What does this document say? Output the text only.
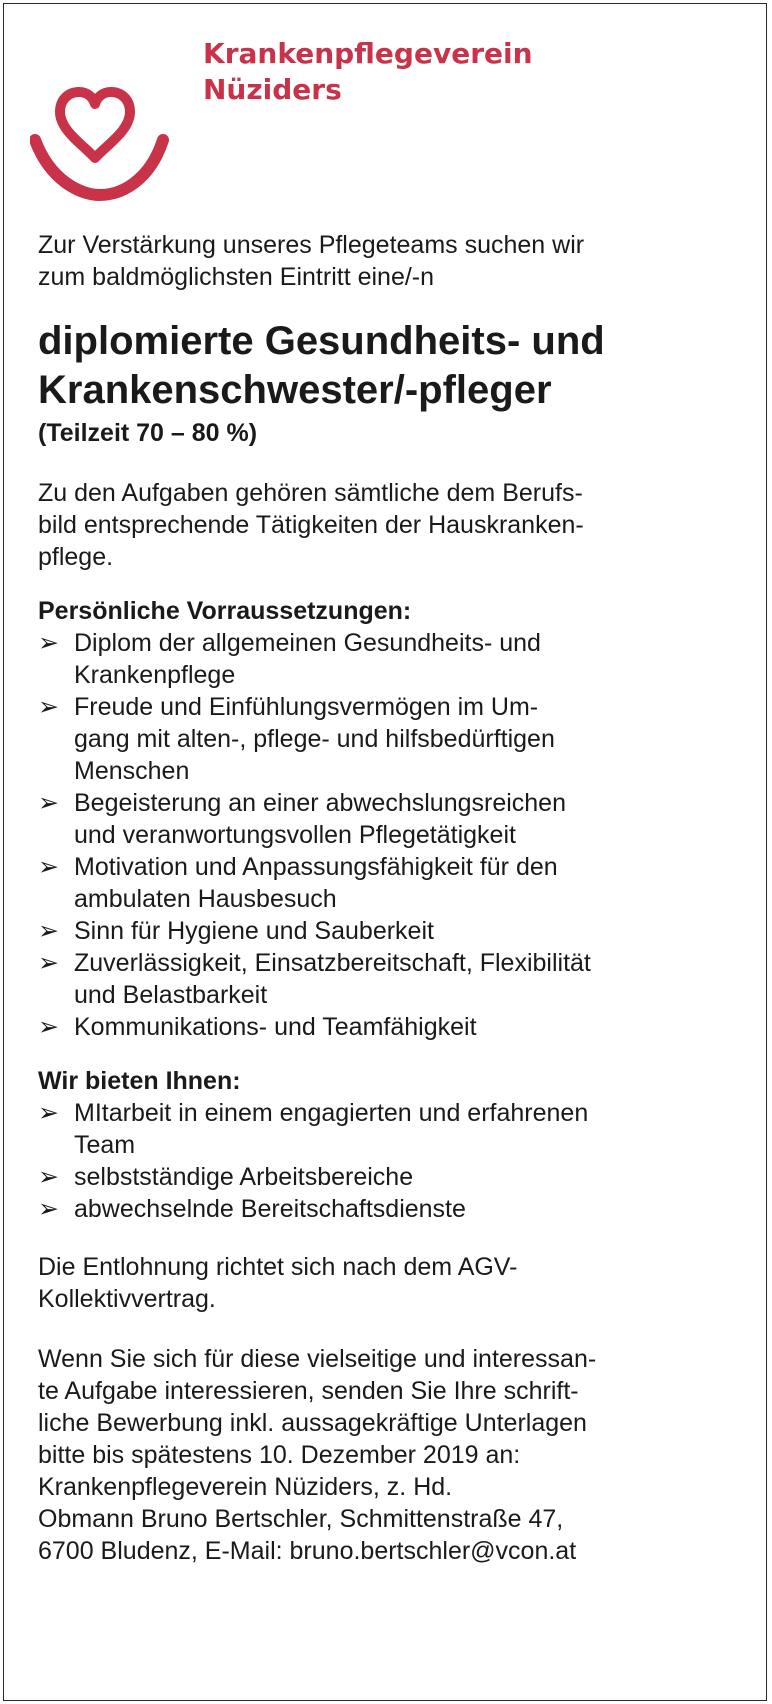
Krankenpflegeverein
Nüziders

Zur Verstärkung unseres Pflegeteams suchen wir
zum baldmöglichsten Eintritt eine/-n

diplomierte Gesundheits- und
Krankenschwester/-pfleger

(Teilzeit 70 – 80 %)

Zu den Aufgaben gehören sämtliche dem Berufs-
bild entsprechende Tätigkeiten der Hauskranken-
pflege.

Persönliche Vorraussetzungen:

➢ Diplom der allgemeinen Gesundheits- und
Krankenpflege
➢ Freude und Einfühlungsvermögen im Um-
gang mit alten-, pflege- und hilfsbedürftigen
Menschen
➢ Begeisterung an einer abwechslungsreichen
und veranwortungsvollen Pflegetätigkeit
➢ Motivation und Anpassungsfähigkeit für den
ambulaten Hausbesuch
➢ Sinn für Hygiene und Sauberkeit
➢ Zuverlässigkeit, Einsatzbereitschaft, Flexibilität
und Belastbarkeit
➢ Kommunikations- und Teamfähigkeit

Wir bieten Ihnen:

➢ MItarbeit in einem engagierten und erfahrenen
Team
➢ selbstständige Arbeitsbereiche
➢ abwechselnde Bereitschaftsdienste

Die Entlohnung richtet sich nach dem AGV-
Kollektivvertrag.

Wenn Sie sich für diese vielseitige und interessan-
te Aufgabe interessieren, senden Sie Ihre schrift-
liche Bewerbung inkl. aussagekräftige Unterlagen
bitte bis spätestens 10. Dezember 2019 an:
Krankenpflegeverein Nüziders, z. Hd.
Obmann Bruno Bertschler, Schmittenstraße 47,
6700 Bludenz, E-Mail: bruno.bertschler@vcon.at
